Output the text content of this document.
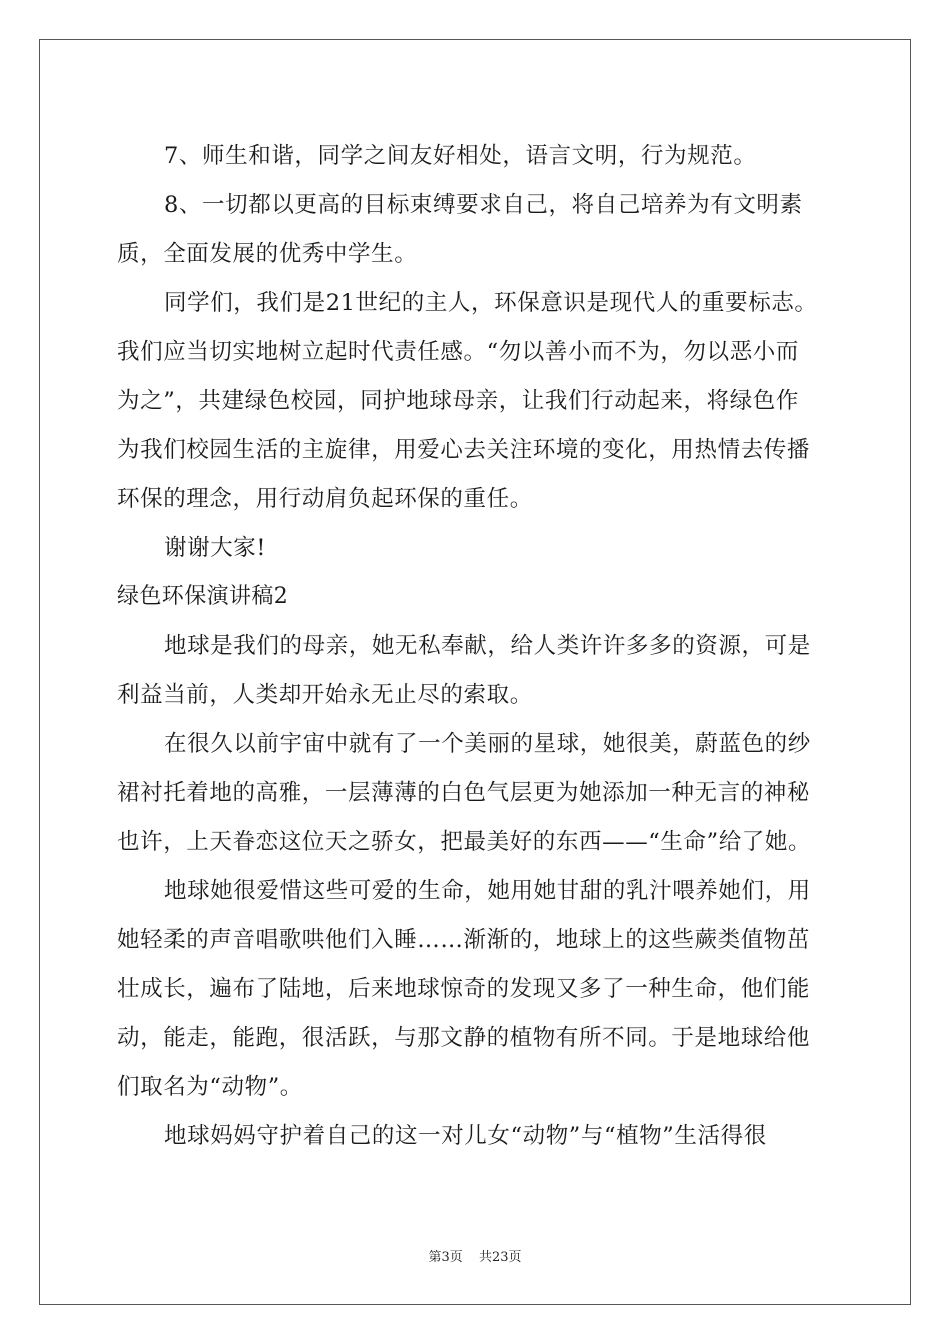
7、师生和谐，同学之间友好相处，语言文明，行为规范。
8、一切都以更高的目标束缚要求自己，将自己培养为有文明素
质，全面发展的优秀中学生。
同学们，我们是21世纪的主人，环保意识是现代人的重要标志。
我们应当切实地树立起时代责任感。“勿以善小而不为，勿以恶小而
为之”，共建绿色校园，同护地球母亲，让我们行动起来，将绿色作
为我们校园生活的主旋律，用爱心去关注环境的变化，用热情去传播
环保的理念，用行动肩负起环保的重任。
谢谢大家!
绿色环保演讲稿2
地球是我们的母亲，她无私奉献，给人类许许多多的资源，可是
利益当前，人类却开始永无止尽的索取。
在很久以前宇宙中就有了一个美丽的星球，她很美，蔚蓝色的纱
裙衬托着地的高雅，一层薄薄的白色气层更为她添加一种无言的神秘
也许，上天眷恋这位天之骄女，把最美好的东西——“生命”给了她。
地球她很爱惜这些可爱的生命，她用她甘甜的乳汁喂养她们，用
她轻柔的声音唱歌哄他们入睡……渐渐的，地球上的这些蕨类值物茁
壮成长，遍布了陆地，后来地球惊奇的发现又多了一种生命，他们能
动，能走，能跑，很活跃，与那文静的植物有所不同。于是地球给他
们取名为“动物”。
地球妈妈守护着自己的这一对儿女“动物”与“植物”生活得很
第3页 共23页
